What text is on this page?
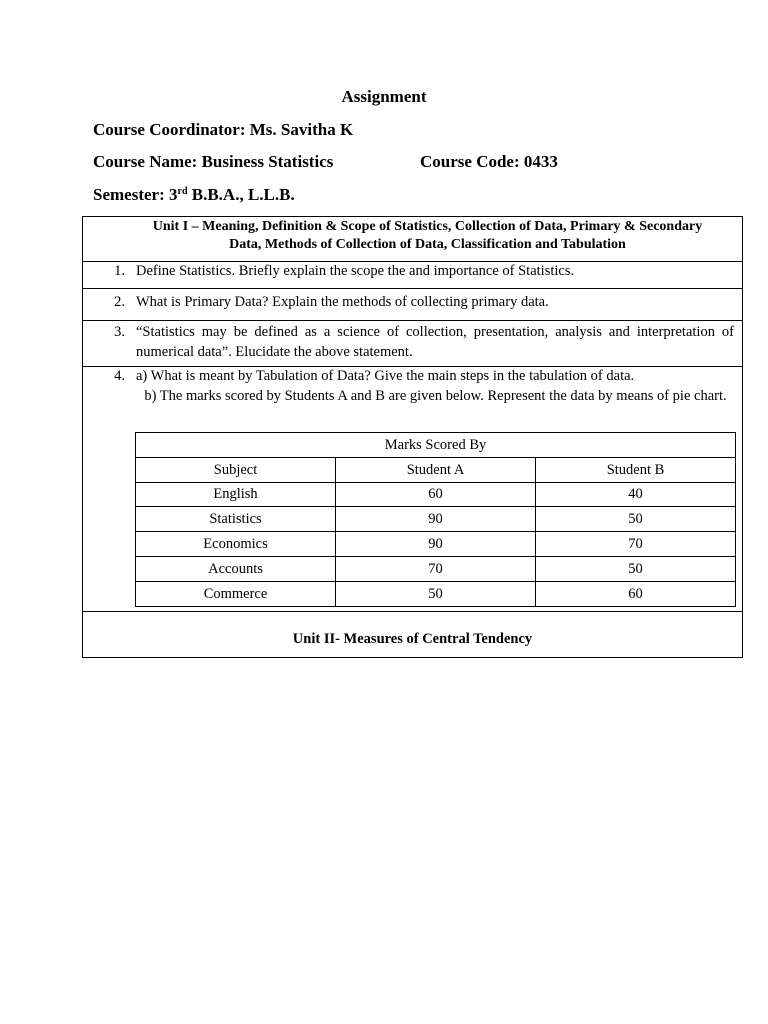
Assignment
Course Coordinator: Ms. Savitha K
Course Name: Business Statistics	Course Code: 0433
Semester: 3rd B.B.A., L.L.B.
Unit I – Meaning, Definition & Scope of Statistics, Collection of Data, Primary & Secondary Data, Methods of Collection of Data, Classification and Tabulation
1. Define Statistics. Briefly explain the scope the and importance of Statistics.
2. What is Primary Data? Explain the methods of collecting primary data.
3. “Statistics may be defined as a science of collection, presentation, analysis and interpretation of numerical data”. Elucidate the above statement.
4. a) What is meant by Tabulation of Data? Give the main steps in the tabulation of data.
b) The marks scored by Students A and B are given below. Represent the data by means of pie chart.
Marks Scored By		
Subject	Student A	Student B
English	60	40
Statistics	90	50
Economics	90	70
Accounts	70	50
Commerce	50	60
Unit II- Measures of Central Tendency
